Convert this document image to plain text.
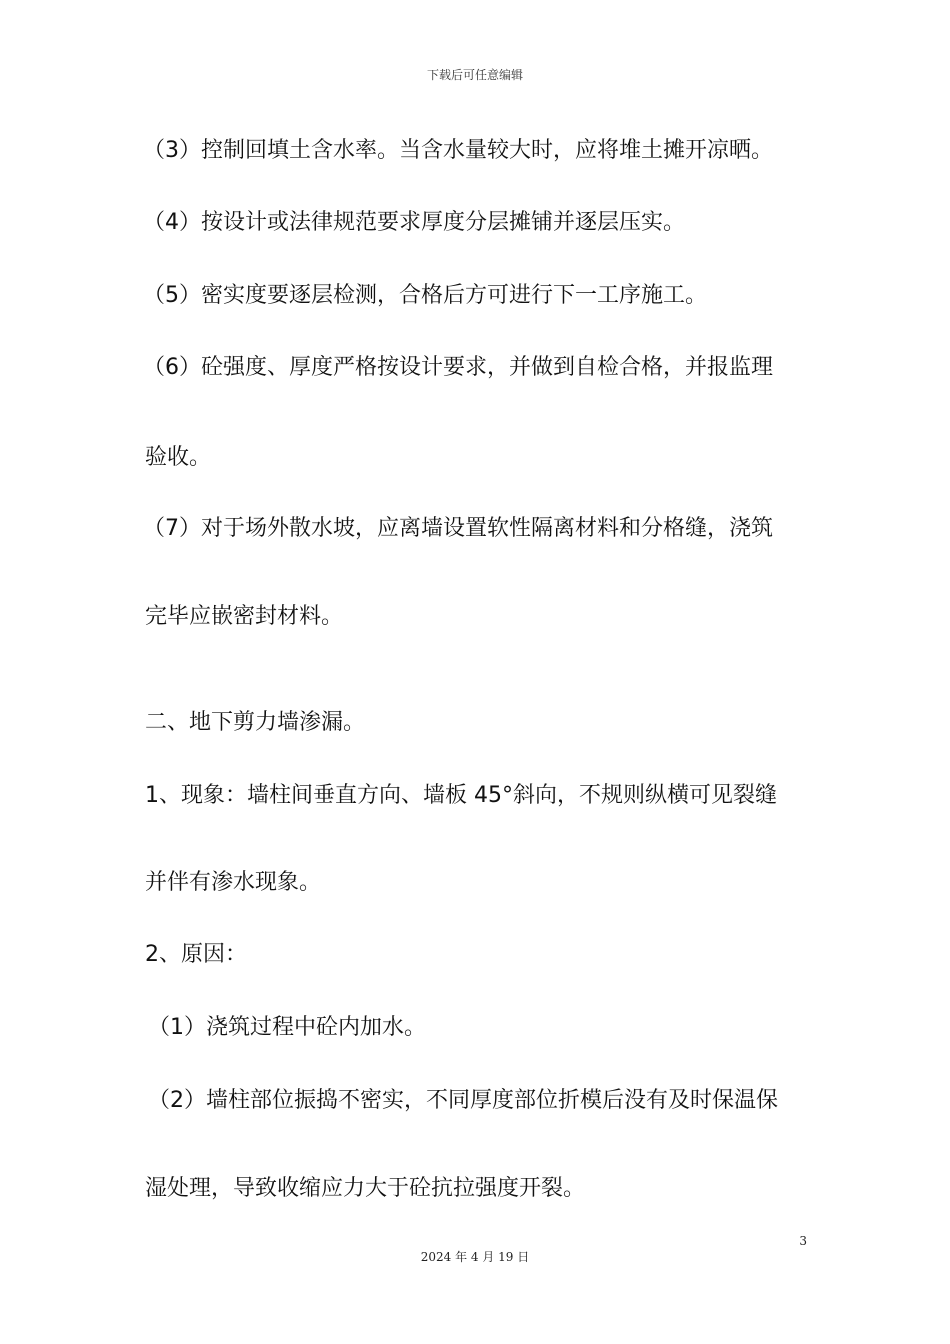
下载后可任意编辑
（3）控制回填土含水率。当含水量较大时，应将堆土摊开凉晒。
（4）按设计或法律规范要求厚度分层摊铺并逐层压实。
（5）密实度要逐层检测，合格后方可进行下一工序施工。
（6）砼强度、厚度严格按设计要求，并做到自检合格，并报监理
验收。
（7）对于场外散水坡，应离墙设置软性隔离材料和分格缝，浇筑
完毕应嵌密封材料。
二、地下剪力墙渗漏。
1、现象：墙柱间垂直方向、墙板 45°斜向，不规则纵横可见裂缝
并伴有渗水现象。
2、原因：
（1）浇筑过程中砼内加水。
（2）墙柱部位振捣不密实，不同厚度部位折模后没有及时保温保
湿处理，导致收缩应力大于砼抗拉强度开裂。
3
2024 年 4 月 19 日
